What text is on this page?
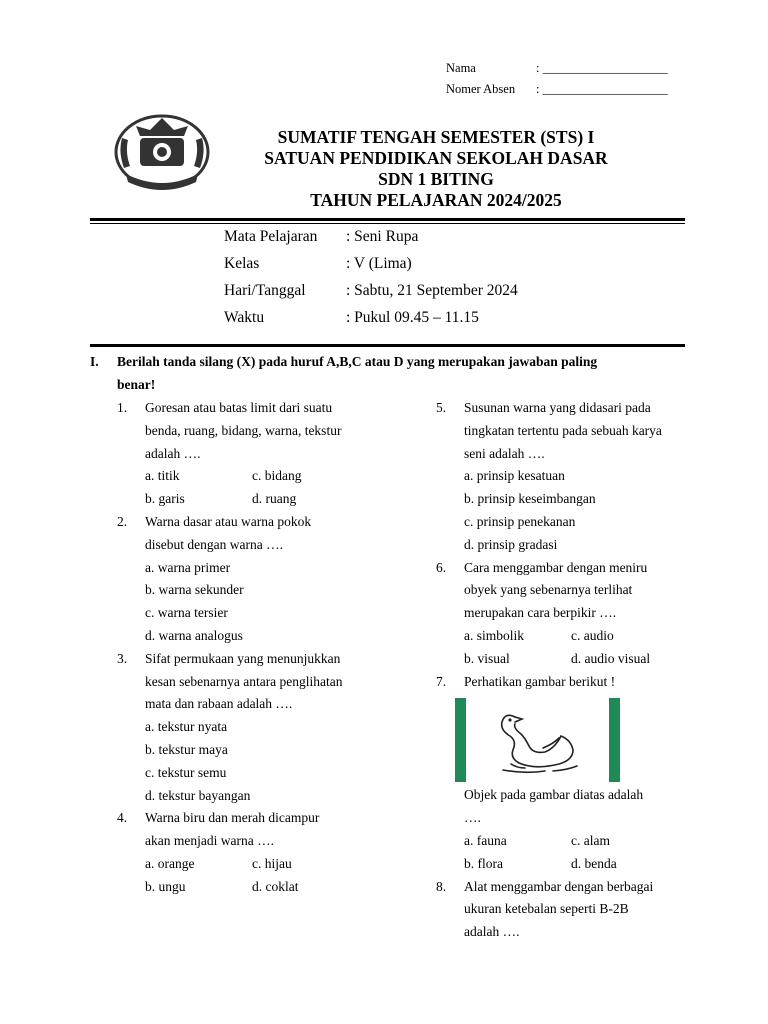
Nama	: ____________________
Nomer Absen : ____________________
SUMATIF TENGAH SEMESTER (STS) I
SATUAN PENDIDIKAN SEKOLAH DASAR
SDN 1 BITING
TAHUN PELAJARAN 2024/2025
Mata Pelajaran : Seni Rupa
Kelas	: V (Lima)
Hari/Tanggal	: Sabtu, 21 September 2024
Waktu	: Pukul 09.45 – 11.15
I. Berilah tanda silang (X) pada huruf A,B,C atau D yang merupakan jawaban paling
benar!
1. Goresan atau batas limit dari suatu
benda, ruang, bidang, warna, tekstur
adalah ….
a. titik	c. bidang
b. garis	d. ruang
2. Warna dasar atau warna pokok
disebut dengan warna ….
a. warna primer
b. warna sekunder
c. warna tersier
d. warna analogus
3. Sifat permukaan yang menunjukkan
kesan sebenarnya antara penglihatan
mata dan rabaan adalah ….
a. tekstur nyata
b. tekstur maya
c. tekstur semu
d. tekstur bayangan
4. Warna biru dan merah dicampur
akan menjadi warna ….
a. orange	c. hijau
b. ungu	d. coklat
5. Susunan warna yang didasari pada
tingkatan tertentu pada sebuah karya
seni adalah ….
a. prinsip kesatuan
b. prinsip keseimbangan
c. prinsip penekanan
d. prinsip gradasi
6. Cara menggambar dengan meniru
obyek yang sebenarnya terlihat
merupakan cara berpikir ….
a. simbolik	c. audio
b. visual	d. audio visual
7. Perhatikan gambar berikut !
Objek pada gambar diatas adalah
….
a. fauna	c. alam
b. flora	d. benda
8. Alat menggambar dengan berbagai
ukuran ketebalan seperti B-2B
adalah ….
